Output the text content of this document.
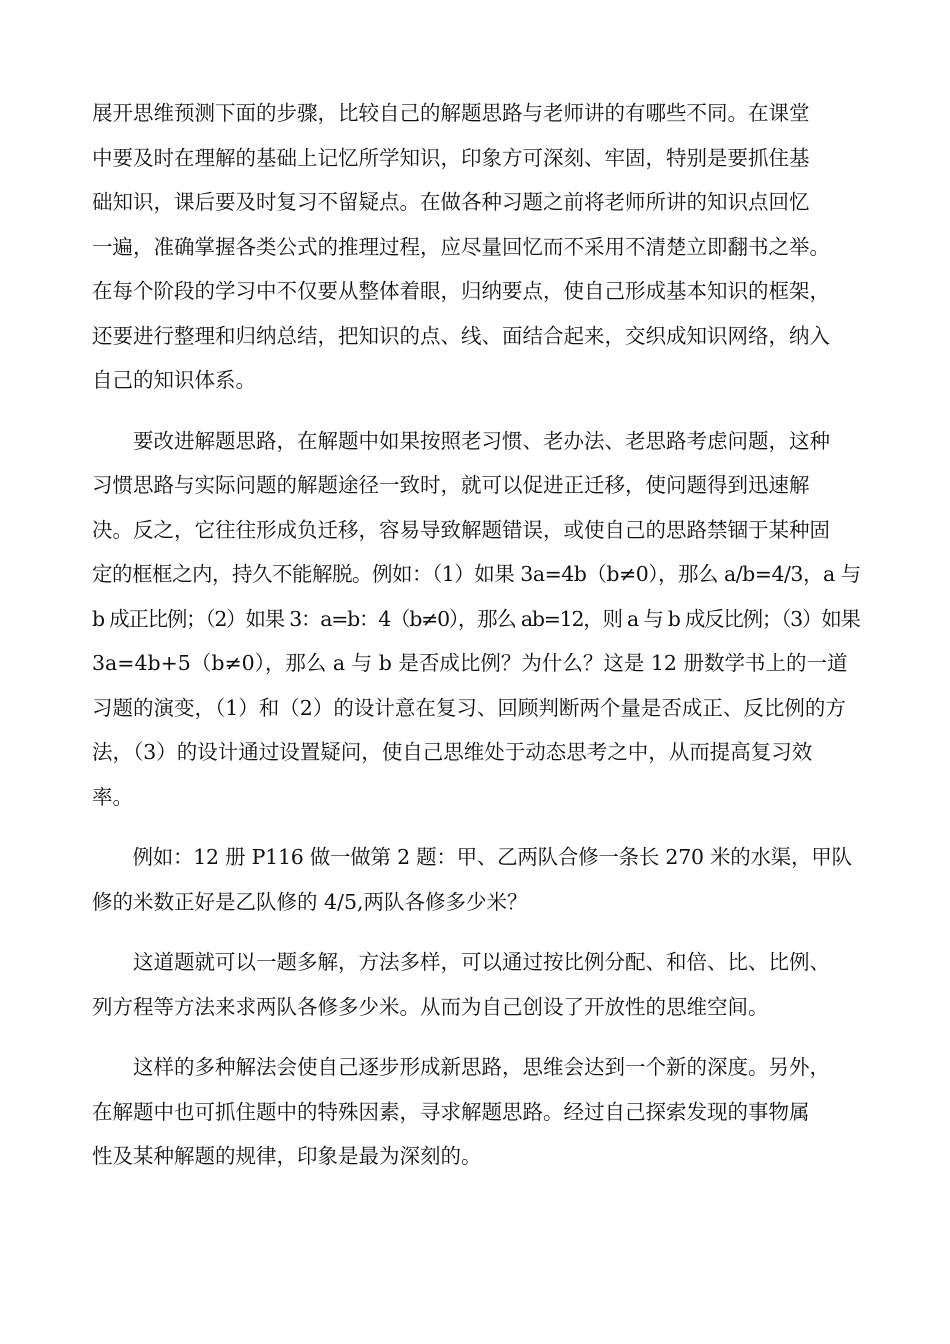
展开思维预测下面的步骤，比较自己的解题思路与老师讲的有哪些不同。在课堂
中要及时在理解的基础上记忆所学知识，印象方可深刻、牢固，特别是要抓住基
础知识，课后要及时复习不留疑点。在做各种习题之前将老师所讲的知识点回忆
一遍，准确掌握各类公式的推理过程，应尽量回忆而不采用不清楚立即翻书之举。
在每个阶段的学习中不仅要从整体着眼，归纳要点，使自己形成基本知识的框架，
还要进行整理和归纳总结，把知识的点、线、面结合起来，交织成知识网络，纳入
自己的知识体系。
　　要改进解题思路，在解题中如果按照老习惯、老办法、老思路考虑问题，这种
习惯思路与实际问题的解题途径一致时，就可以促进正迁移，使问题得到迅速解
决。反之，它往往形成负迁移，容易导致解题错误，或使自己的思路禁锢于某种固
定的框框之内，持久不能解脱。例如：（1）如果 3a=4b（b≠0），那么 a/b=4/3，a 与
b 成正比例；（2）如果 3：a=b：4（b≠0），那么 ab=12，则 a 与 b 成反比例；（3）如果
3a=4b+5（b≠0），那么 a 与 b 是否成比例？为什么？这是 12 册数学书上的一道
习题的演变，（1）和（2）的设计意在复习、回顾判断两个量是否成正、反比例的方
法，（3）的设计通过设置疑问，使自己思维处于动态思考之中，从而提高复习效
率。
　　例如：12 册 P116 做一做第 2 题：甲、乙两队合修一条长 270 米的水渠，甲队
修的米数正好是乙队修的 4/5,两队各修多少米？
　　这道题就可以一题多解，方法多样，可以通过按比例分配、和倍、比、比例、
列方程等方法来求两队各修多少米。从而为自己创设了开放性的思维空间。
　　这样的多种解法会使自己逐步形成新思路，思维会达到一个新的深度。另外，
在解题中也可抓住题中的特殊因素，寻求解题思路。经过自己探索发现的事物属
性及某种解题的规律，印象是最为深刻的。
